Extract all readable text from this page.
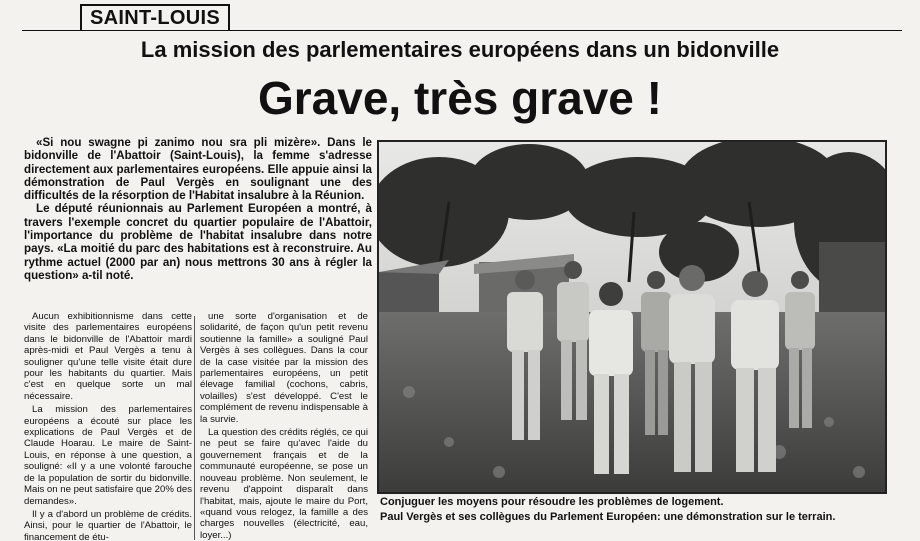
SAINT-LOUIS
La mission des parlementaires européens dans un bidonville
Grave, très grave !

«Si nou swagne pi zanimo nou sra pli mizère». Dans le bidonville de l'Abattoir (Saint-Louis), la femme s'adresse directement aux parlementaires européens. Elle appuie ainsi la démonstration de Paul Vergès en soulignant une des difficultés de la résorption de l'Habitat insalubre à la Réunion.

Le député réunionnais au Parlement Européen a montré, à travers l'exemple concret du quartier populaire de l'Abattoir, l'importance du problème de l'habitat insalubre dans notre pays. «La moitié du parc des habitations est à reconstruire. Au rythme actuel (2000 par an) nous mettrons 30 ans à régler la question» a-til noté.

Aucun exhibitionnisme dans cette visite des parlementaires européens dans le bidonville de l'Abattoir mardi après-midi et Paul Vergès a tenu à souligner qu'une telle visite était dure pour les habitants du quartier. Mais c'est en quelque sorte un mal nécessaire.

La mission des parlementaires européens a écouté sur place les explications de Paul Vergès et de Claude Hoarau. Le maire de Saint-Louis, en réponse à une question, a souligné: «Il y a une volonté farouche de la population de sortir du bidonville. Mais on ne peut satisfaire que 20% des demandes».

Il y a d'abord un problème de crédits. Ainsi, pour le quartier de l'Abattoir, le financement de étu-

une sorte d'organisation et de solidarité, de façon qu'un petit revenu soutienne la famille» a souligné Paul Vergès à ses collègues. Dans la cour de la case visitée par la mission des parlementaires européens, un petit élevage familial (cochons, cabris, volailles) s'est développé. C'est le complément de revenu indispensable à la survie.

La question des crédits réglés, ce qui ne peut se faire qu'avec l'aide du gouvernement français et de la communauté européenne, se pose un nouveau problème. Non seulement, le revenu d'appoint disparaît dans l'habitat, mais, ajoute le maire du Port, «quand vous relogez, la famille a des charges nouvelles (électricité, eau, loyer...)

Conjuguer les moyens pour résoudre les problèmes de logement.
Paul Vergès et ses collègues du Parlement Européen: une démonstration sur le terrain.
